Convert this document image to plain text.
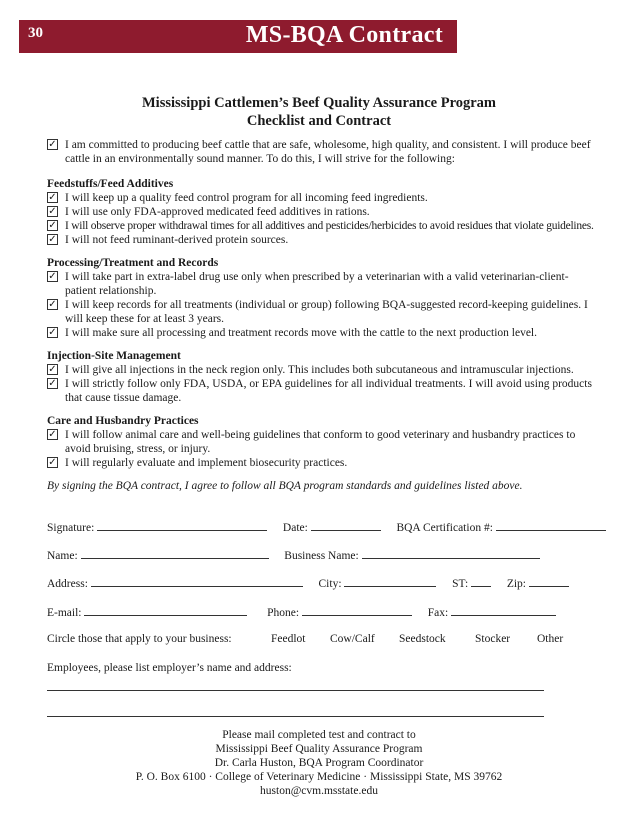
30	MS-BQA Contract
Mississippi Cattlemen’s Beef Quality Assurance Program
Checklist and Contract
✓ I am committed to producing beef cattle that are safe, wholesome, high quality, and consistent. I will produce beef cattle in an environmentally sound manner. To do this, I will strive for the following:
Feedstuffs/Feed Additives
✓ I will keep up a quality feed control program for all incoming feed ingredients.
✓ I will use only FDA-approved medicated feed additives in rations.
✓ I will observe proper withdrawal times for all additives and pesticides/herbicides to avoid residues that violate guidelines.
✓ I will not feed ruminant-derived protein sources.
Processing/Treatment and Records
✓ I will take part in extra-label drug use only when prescribed by a veterinarian with a valid veterinarian-client-patient relationship.
✓ I will keep records for all treatments (individual or group) following BQA-suggested record-keeping guidelines. I will keep these for at least 3 years.
✓ I will make sure all processing and treatment records move with the cattle to the next production level.
Injection-Site Management
✓ I will give all injections in the neck region only. This includes both subcutaneous and intramuscular injections.
✓ I will strictly follow only FDA, USDA, or EPA guidelines for all individual treatments. I will avoid using products that cause tissue damage.
Care and Husbandry Practices
✓ I will follow animal care and well-being guidelines that conform to good veterinary and husbandry practices to avoid bruising, stress, or injury.
✓ I will regularly evaluate and implement biosecurity practices.
By signing the BQA contract, I agree to follow all BQA program standards and guidelines listed above.
Signature:	Date:	BQA Certification #:
Name:	Business Name:
Address:	City:	ST:	Zip:
E-mail:	Phone:	Fax:
Circle those that apply to your business:	Feedlot Cow/Calf Seedstock	Stocker Other
Employees, please list employer’s name and address:
Please mail completed test and contract to
Mississippi Beef Quality Assurance Program
Dr. Carla Huston, BQA Program Coordinator
P. O. Box 6100 · College of Veterinary Medicine · Mississippi State, MS 39762
huston@cvm.msstate.edu
